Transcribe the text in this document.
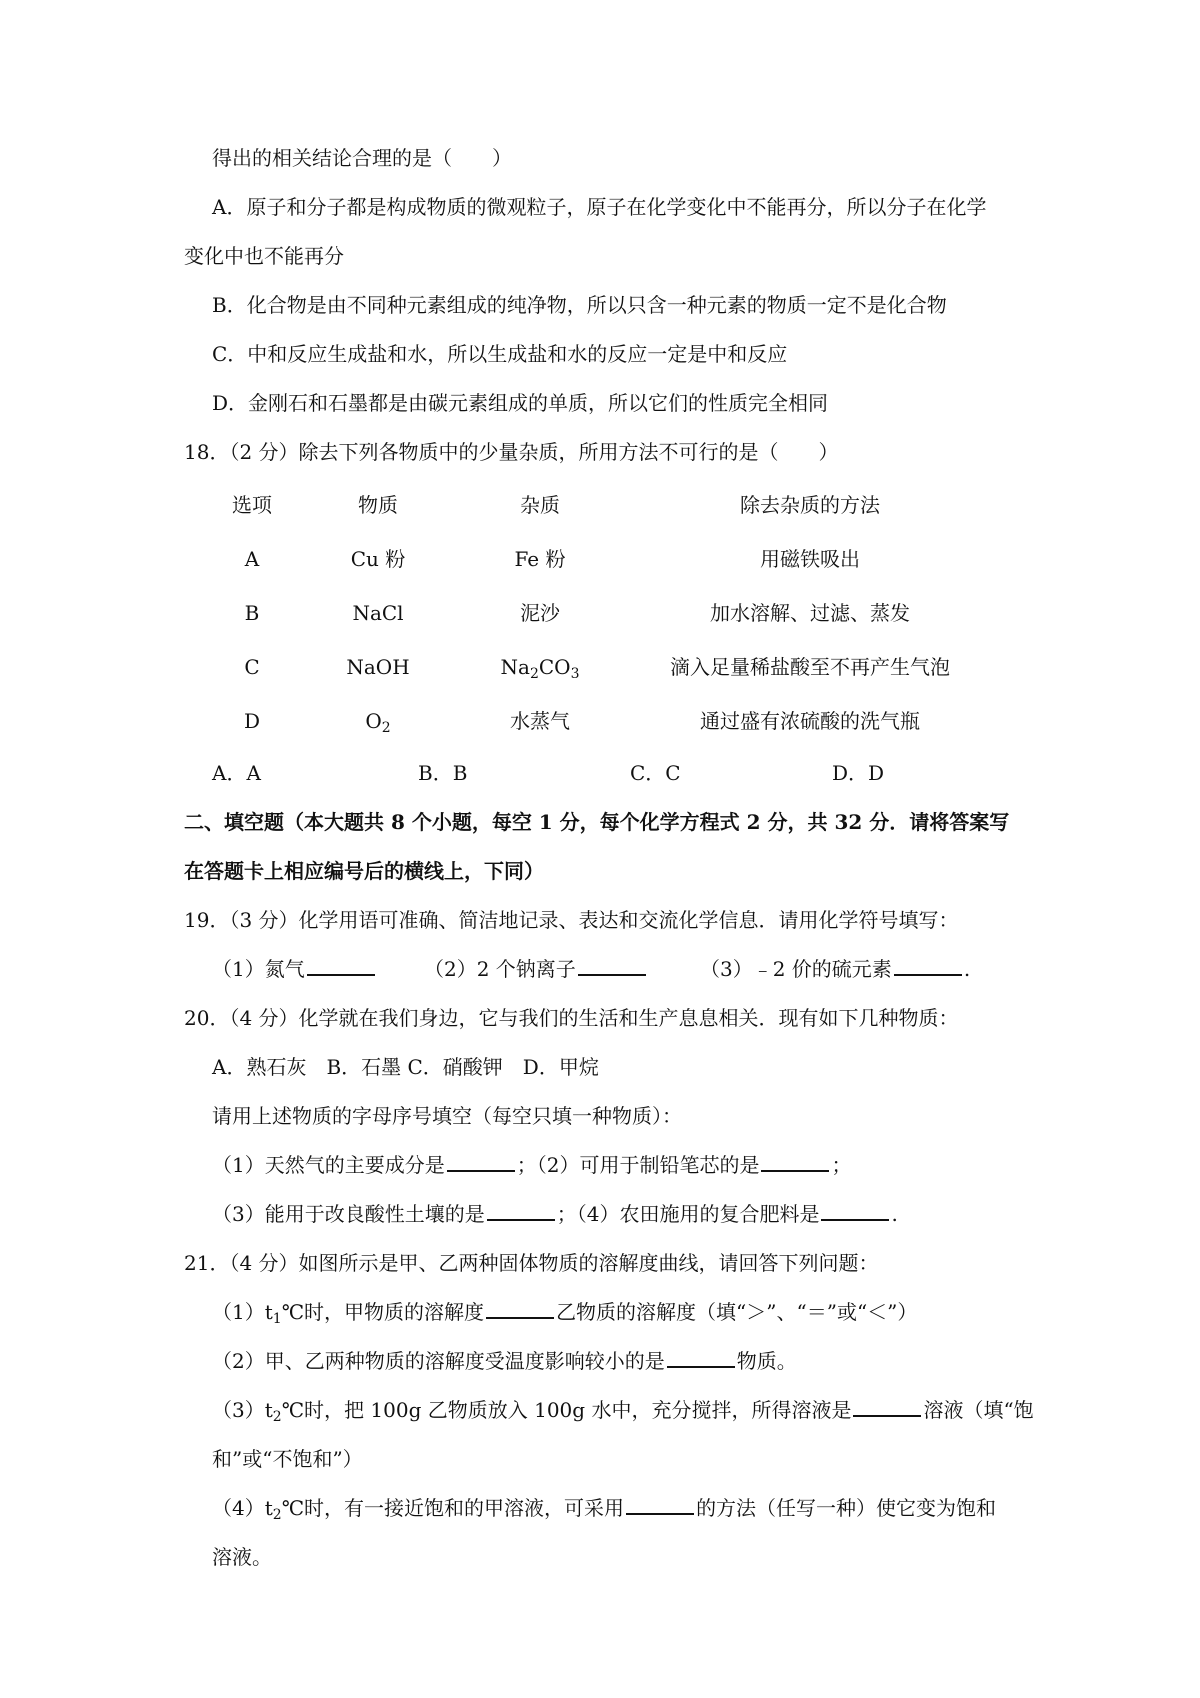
得出的相关结论合理的是（　　）
A．原子和分子都是构成物质的微观粒子，原子在化学变化中不能再分，所以分子在化学
变化中也不能再分
B．化合物是由不同种元素组成的纯净物，所以只含一种元素的物质一定不是化合物
C．中和反应生成盐和水，所以生成盐和水的反应一定是中和反应
D．金刚石和石墨都是由碳元素组成的单质，所以它们的性质完全相同
18．（2 分）除去下列各物质中的少量杂质，所用方法不可行的是（　　）
选项	物质	杂质	除去杂质的方法
A	Cu 粉	Fe 粉	用磁铁吸出
B	NaCl	泥沙	加水溶解、过滤、蒸发
C	NaOH	$Na_2CO_3$	滴入足量稀盐酸至不再产生气泡
D	$O_2$	水蒸气	通过盛有浓硫酸的洗气瓶
A．A	B．B	C．C	D．D
二、填空题（本大题共 8 个小题，每空 1 分，每个化学方程式 2 分，共 32 分．请将答案写
在答题卡上相应编号后的横线上，下同）
19．（3 分）化学用语可准确、简洁地记录、表达和交流化学信息．请用化学符号填写：
（1）氮气	（2）2 个钠离子	（3）﹣2 价的硫元素	.
20．（4 分）化学就在我们身边，它与我们的生活和生产息息相关．现有如下几种物质：
A．熟石灰　B．石墨 C．硝酸钾　D．甲烷
请用上述物质的字母序号填空（每空只填一种物质）：
（1）天然气的主要成分是	；（2）可用于制铅笔芯的是	；
（3）能用于改良酸性土壤的是	；（4）农田施用的复合肥料是	.
21．（4 分）如图所示是甲、乙两种固体物质的溶解度曲线，请回答下列问题：
$(1)t_1℃$时，甲物质的溶解度	乙物质的溶解度（填“＞”、“＝”或“＜”）
（2）甲、乙两种物质的溶解度受温度影响较小的是	物质。
$(3)t_2℃$时，把 100g 乙物质放入 100g 水中，充分搅拌，所得溶液是	溶液（填“饱
和”或“不饱和”）
$(4)t_2℃$时，有一接近饱和的甲溶液，可采用	的方法（任写一种）使它变为饱和
溶液。
